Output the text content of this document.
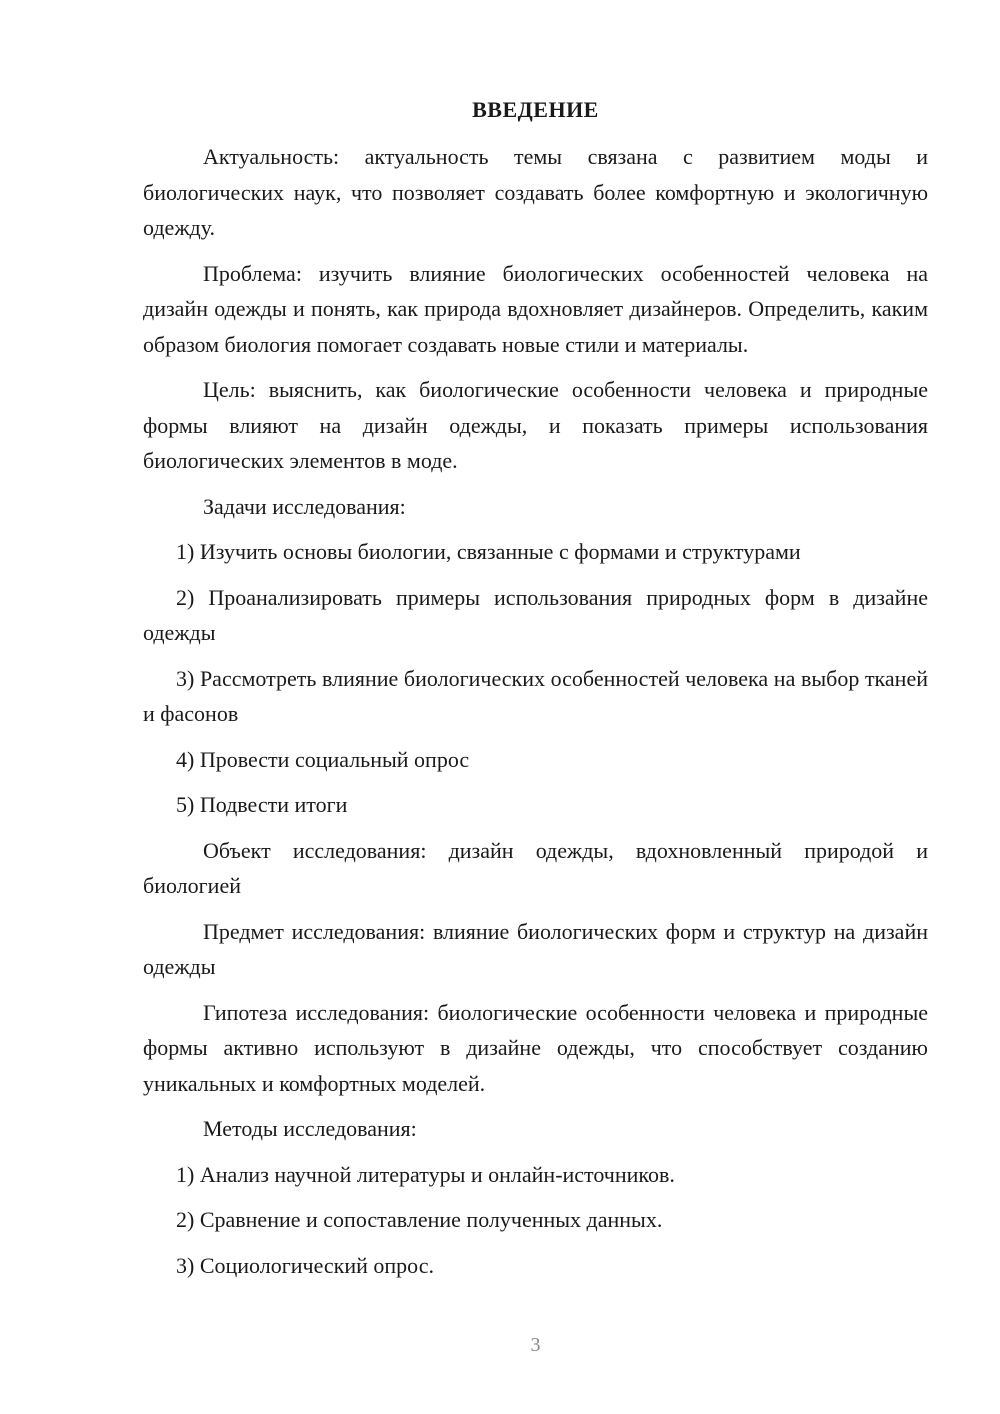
ВВЕДЕНИЕ

Актуальность: актуальность темы связана с развитием моды и биологических наук, что позволяет создавать более комфортную и экологичную одежду.

Проблема: изучить влияние биологических особенностей человека на дизайн одежды и понять, как природа вдохновляет дизайнеров. Определить, каким образом биология помогает создавать новые стили и материалы.

Цель: выяснить, как биологические особенности человека и природные формы влияют на дизайн одежды, и показать примеры использования биологических элементов в моде.

Задачи исследования:

1) Изучить основы биологии, связанные с формами и структурами

2) Проанализировать примеры использования природных форм в дизайне одежды

3) Рассмотреть влияние биологических особенностей человека на выбор тканей и фасонов

4) Провести социальный опрос

5) Подвести итоги

Объект исследования: дизайн одежды, вдохновленный природой и биологией

Предмет исследования: влияние биологических форм и структур на дизайн одежды

Гипотеза исследования: биологические особенности человека и природные формы активно используют в дизайне одежды, что способствует созданию уникальных и комфортных моделей.

Методы исследования:

1) Анализ научной литературы и онлайн-источников.

2) Сравнение и сопоставление полученных данных.

3) Социологический опрос.

3
